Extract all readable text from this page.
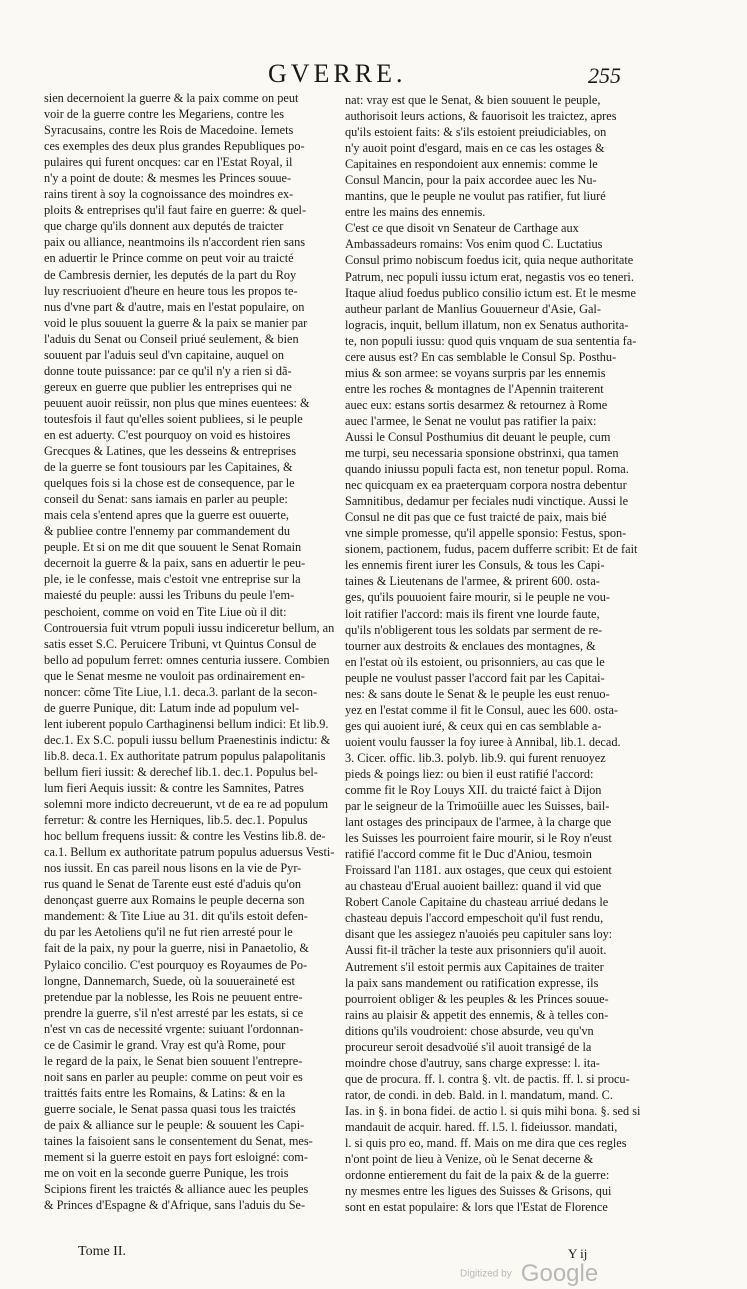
GVERRE.	255
sien decernoient la guerre & la paix comme on peut
voir de la guerre contre les Megariens, contre les
Syracusains, contre les Rois de Macedoine. Iemets
ces exemples des deux plus grandes Republiques po-
pulaires qui furent oncques: car en l'Estat Royal, il
n'y a point de doute: & mesmes les Princes souue-
rains tirent à soy la cognoissance des moindres ex-
ploits & entreprises qu'il faut faire en guerre: & quel-
que charge qu'ils donnent aux deputés de traicter
paix ou alliance, neantmoins ils n'accordent rien sans
en aduertir le Prince comme on peut voir au traicté
de Cambresis dernier, les deputés de la part du Roy
luy rescriuoient d'heure en heure tous les propos te-
nus d'vne part & d'autre, mais en l'estat populaire, on
void le plus souuent la guerre & la paix se manier par
l'aduis du Senat ou Conseil priué seulement, & bien
souuent par l'aduis seul d'vn capitaine, auquel on
donne toute puissance: par ce qu'il n'y a rien si dã-
gereux en guerre que publier les entreprises qui ne
peuuent auoir reüssir, non plus que mines euentees: &
toutesfois il faut qu'elles soient publiees, si le peuple
en est aduerty. C'est pourquoy on void es histoires
Grecques & Latines, que les desseins & entreprises
de la guerre se font tousiours par les Capitaines, &
quelques fois si la chose est de consequence, par le
conseil du Senat: sans iamais en parler au peuple:
mais cela s'entend apres que la guerre est ouuerte,
& publiee contre l'ennemy par commandement du
peuple. Et si on me dit que souuent le Senat Romain
decernoit la guerre & la paix, sans en aduertir le peu-
ple, ie le confesse, mais c'estoit vne entreprise sur la
maiesté du peuple: aussi les Tribuns du peule l'em-
peschoient, comme on void en Tite Liue où il dit:
Controuersia fuit vtrum populi iussu indiceretur bellum, an
satis esset S.C. Peruicere Tribuni, vt Quintus Consul de
bello ad populum ferret: omnes centuria iussere. Combien
que le Senat mesme ne vouloit pas ordinairement en-
noncer: cõme Tite Liue, l.1. deca.3. parlant de la secon-
de guerre Punique, dit: Latum inde ad populum vel-
lent iuberent populo Carthaginensi bellum indici: Et lib.9.
dec.1. Ex S.C. populi iussu bellum Praenestinis indictu: &
lib.8. deca.1. Ex authoritate patrum populus palapolitanis
bellum fieri iussit: & derechef lib.1. dec.1. Populus bel-
lum fieri Aequis iussit: & contre les Samnites, Patres
solemni more indicto decreuerunt, vt de ea re ad populum
ferretur: & contre les Herniques, lib.5. dec.1. Populus
hoc bellum frequens iussit: & contre les Vestins lib.8. de-
ca.1. Bellum ex authoritate patrum populus aduersus Vesti-
nos iussit. En cas pareil nous lisons en la vie de Pyr-
rus quand le Senat de Tarente eust esté d'aduis qu'on
denonçast guerre aux Romains le peuple decerna son
mandement: & Tite Liue au 31. dit qu'ils estoit defen-
du par les Aetoliens qu'il ne fut rien arresté pour le
fait de la paix, ny pour la guerre, nisi in Panaetolio, &
Pylaico concilio. C'est pourquoy es Royaumes de Po-
longne, Dannemarch, Suede, où la souueraineté est
pretendue par la noblesse, les Rois ne peuuent entre-
prendre la guerre, s'il n'est arresté par les estats, si ce
n'est vn cas de necessité vrgente: suiuant l'ordonnan-
ce de Casimir le grand. Vray est qu'à Rome, pour
le regard de la paix, le Senat bien souuent l'entrepre-
noit sans en parler au peuple: comme on peut voir es
traittés faits entre les Romains, & Latins: & en la
guerre sociale, le Senat passa quasi tous les traictés
de paix & alliance sur le peuple: & souuent les Capi-
taines la faisoient sans le consentement du Senat, mes-
mement si la guerre estoit en pays fort esloigné: com-
me on voit en la seconde guerre Punique, les trois
Scipions firent les traictés & alliance auec les peuples
& Princes d'Espagne & d'Afrique, sans l'aduis du Se-
nat: vray est que le Senat, & bien souuent le peuple,
authorisoit leurs actions, & fauorisoit les traictez, apres
qu'ils estoient faits: & s'ils estoient preiudiciables, on
n'y auoit point d'esgard, mais en ce cas les ostages &
Capitaines en respondoient aux ennemis: comme le
Consul Mancin, pour la paix accordee auec les Nu-
mantins, que le peuple ne voulut pas ratifier, fut liuré
entre les mains des ennemis.
C'est ce que disoit vn Senateur de Carthage aux
Ambassadeurs romains: Vos enim quod C. Luctatius
Consul primo nobiscum foedus icit, quia neque authoritate
Patrum, nec populi iussu ictum erat, negastis vos eo teneri.
Itaque aliud foedus publico consilio ictum est. Et le mesme
autheur parlant de Manlius Gouuerneur d'Asie, Gal-
logracis, inquit, bellum illatum, non ex Senatus authorita-
te, non populi iussu: quod quis vnquam de sua sententia fa-
cere ausus est? En cas semblable le Consul Sp. Posthu-
mius & son armee: se voyans surpris par les ennemis
entre les roches & montagnes de l'Apennin traiterent
auec eux: estans sortis desarmez & retournez à Rome
auec l'armee, le Senat ne voulut pas ratifier la paix:
Aussi le Consul Posthumius dit deuant le peuple, cum
me turpi, seu necessaria sponsione obstrinxi, qua tamen
quando iniussu populi facta est, non tenetur popul. Roma.
nec quicquam ex ea praeterquam corpora nostra debentur
Samnitibus, dedamur per feciales nudi vinctique. Aussi le
Consul ne dit pas que ce fust traicté de paix, mais bié
vne simple promesse, qu'il appelle sponsio: Festus, spon-
sionem, pactionem, fudus, pacem dufferre scribit: Et de fait
les ennemis firent iurer les Consuls, & tous les Capi-
taines & Lieutenans de l'armee, & prirent 600. osta-
ges, qu'ils pouuoient faire mourir, si le peuple ne vou-
loit ratifier l'accord: mais ils firent vne lourde faute,
qu'ils n'obligerent tous les soldats par serment de re-
tourner aux destroits & enclaues des montagnes, &
en l'estat où ils estoient, ou prisonniers, au cas que le
peuple ne voulust passer l'accord fait par les Capitai-
nes: & sans doute le Senat & le peuple les eust renuo-
yez en l'estat comme il fit le Consul, auec les 600. osta-
ges qui auoient iuré, & ceux qui en cas semblable a-
uoient voulu fausser la foy iuree à Annibal, lib.1. decad.
3. Cicer. offic. lib.3. polyb. lib.9. qui furent renuoyez
pieds & poings liez: ou bien il eust ratifié l'accord:
comme fit le Roy Louys XII. du traicté faict à Dijon
par le seigneur de la Trimoüille auec les Suisses, bail-
lant ostages des principaux de l'armee, à la charge que
les Suisses les pourroient faire mourir, si le Roy n'eust
ratifié l'accord comme fit le Duc d'Aniou, tesmoin
Froissard l'an 1181. aux ostages, que ceux qui estoient
au chasteau d'Erual auoient baillez: quand il vid que
Robert Canole Capitaine du chasteau arriué dedans le
chasteau depuis l'accord empeschoit qu'il fust rendu,
disant que les assiegez n'auoiés peu capituler sans loy:
Aussi fit-il trãcher la teste aux prisonniers qu'il auoit.
Autrement s'il estoit permis aux Capitaines de traiter
la paix sans mandement ou ratification expresse, ils
pourroient obliger & les peuples & les Princes souue-
rains au plaisir & appetit des ennemis, & à telles con-
ditions qu'ils voudroient: chose absurde, veu qu'vn
procureur seroit desadvoüé s'il auoit transigé de la
moindre chose d'autruy, sans charge expresse: l. ita-
que de procura. ff. l. contra §. vlt. de pactis. ff. l. si procu-
rator, de condi. in deb. Bald. in l. mandatum, mand. C.
Ias. in §. in bona fidei. de actio l. si quis mihi bona. §. sed si
mandauit de acquir. hared. ff. l.5. l. fideiussor. mandati,
l. si quis pro eo, mand. ff. Mais on me dira que ces regles
n'ont point de lieu à Venize, où le Senat decerne &
ordonne entierement du fait de la paix & de la guerre:
ny mesmes entre les ligues des Suisses & Grisons, qui
sont en estat populaire: & lors que l'Estat de Florence
Tome II.	Y ij
Digitized by Google
